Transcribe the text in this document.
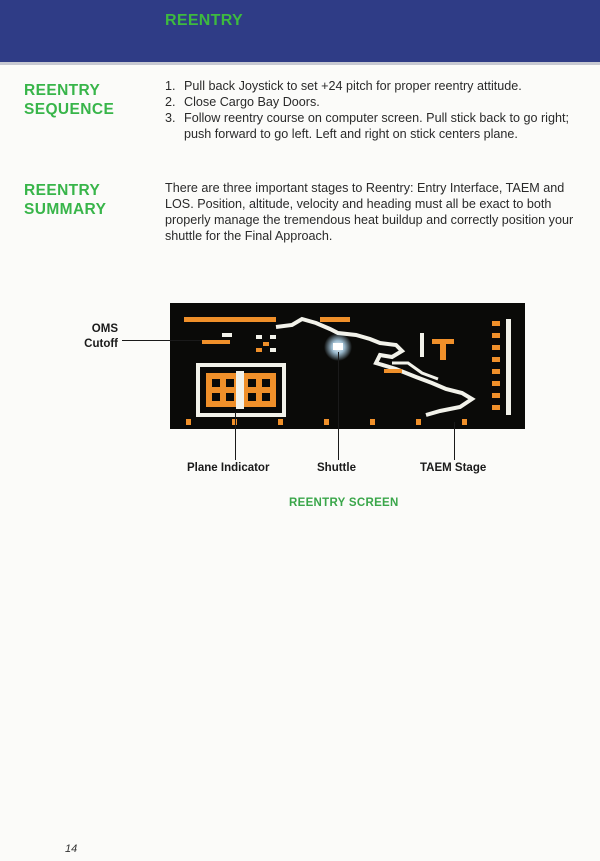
REENTRY
REENTRY
SEQUENCE
1. Pull back Joystick to set +24 pitch for proper reentry attitude.
2. Close Cargo Bay Doors.
3. Follow reentry course on computer screen. Pull stick back to go right; push forward to go left. Left and right on stick centers plane.
REENTRY
SUMMARY

There are three important stages to Reentry: Entry Interface, TAEM and LOS. Position, altitude, velocity and heading must all be exact to both properly manage the tremendous heat buildup and correctly position your shuttle for the Final Approach.

OMS
Cutoff
Plane Indicator	Shuttle	TAEM Stage
REENTRY SCREEN
14
